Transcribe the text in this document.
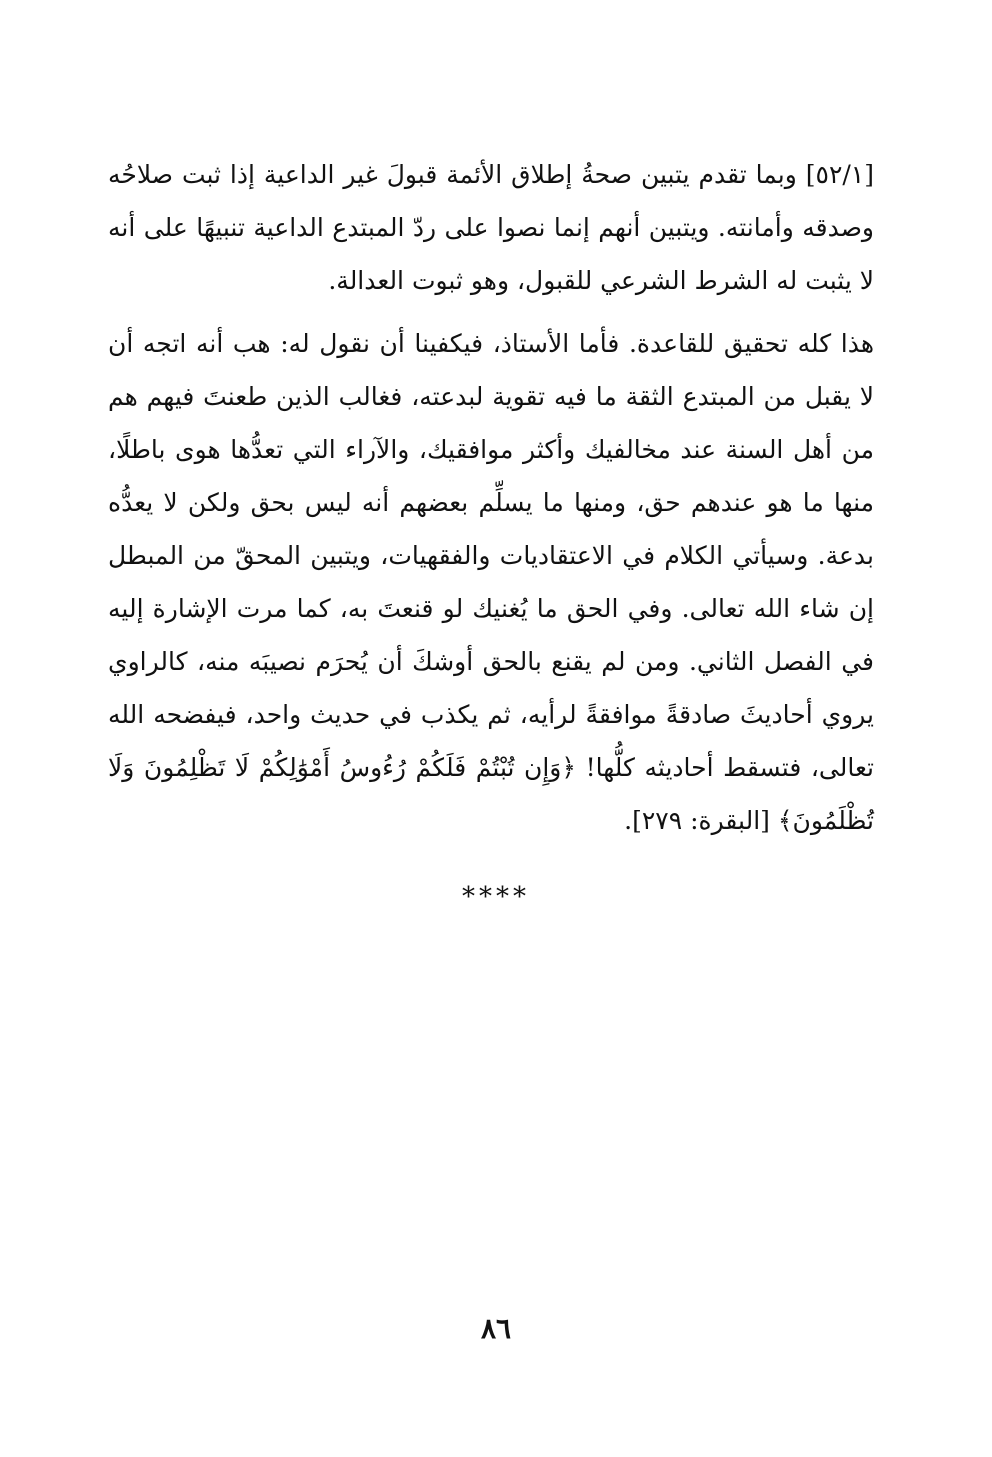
[٥٢/١] وبما تقدم يتبين صحةُ إطلاق الأئمة قبولَ غير الداعية إذا ثبت صلاحُه وصدقه وأمانته. ويتبين أنهم إنما نصوا على ردّ المبتدع الداعية تنبيهًا على أنه لا يثبت له الشرط الشرعي للقبول، وهو ثبوت العدالة.

هذا كله تحقيق للقاعدة. فأما الأستاذ، فيكفينا أن نقول له: هب أنه اتجه أن لا يقبل من المبتدع الثقة ما فيه تقوية لبدعته، فغالب الذين طعنتَ فيهم هم من أهل السنة عند مخالفيك وأكثر موافقيك، والآراء التي تعدُّها هوى باطلًا، منها ما هو عندهم حق، ومنها ما يسلِّم بعضهم أنه ليس بحق ولكن لا يعدُّه بدعة. وسيأتي الكلام في الاعتقاديات والفقهيات، ويتبين المحقّ من المبطل إن شاء الله تعالى. وفي الحق ما يُغنيك لو قنعتَ به، كما مرت الإشارة إليه في الفصل الثاني. ومن لم يقنع بالحق أوشكَ أن يُحرَم نصيبَه منه، كالراوي يروي أحاديثَ صادقةً موافقةً لرأيه، ثم يكذب في حديث واحد، فيفضحه الله تعالى، فتسقط أحاديثه كلُّها! ﴿وَإِن تُبْتُمْ فَلَكُمْ رُءُوسُ أَمْوَٰلِكُمْ لَا تَظْلِمُونَ وَلَا تُظْلَمُونَ﴾ [البقرة: ٢٧٩].

****
٨٦
